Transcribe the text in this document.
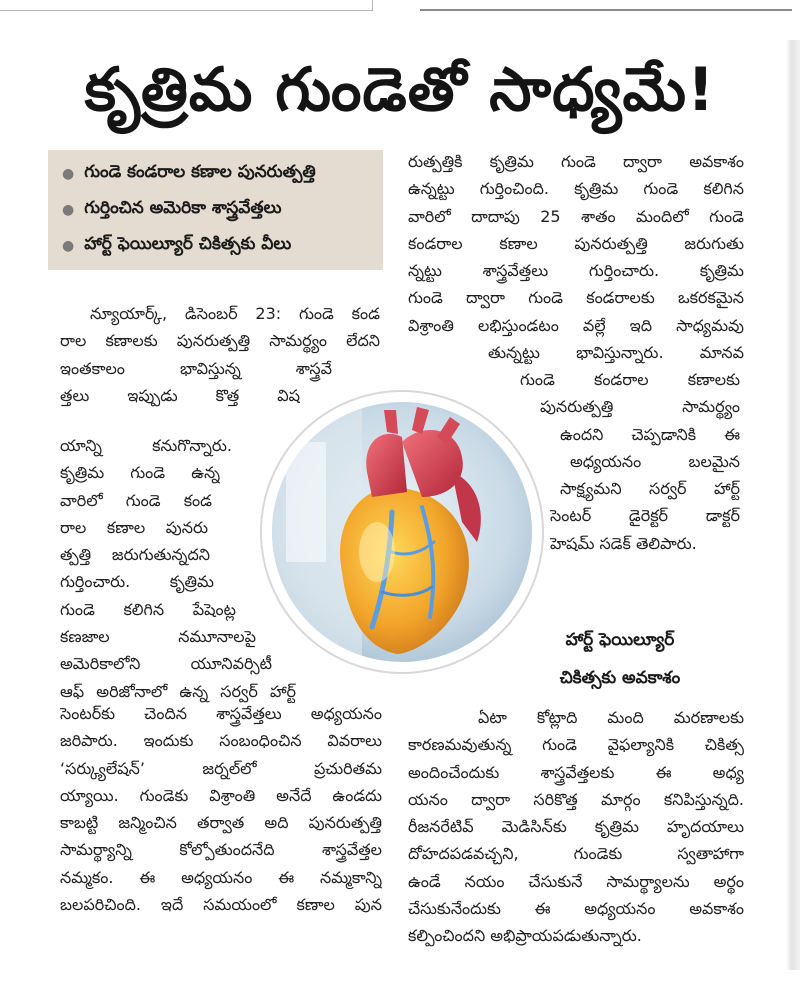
కృత్రిమ గుండెతో సాధ్యమే!
● గుండె కండరాల కణాల పునరుత్పత్తి
● గుర్తించిన అమెరికా శాస్త్రవేత్తలు
● హార్ట్ ఫెయిల్యూర్ చికిత్సకు వీలు
న్యూయార్క్, డిసెంబర్ 23: గుండె కండ
రాల కణాలకు పునరుత్పత్తి సామర్థ్యం లేదని
ఇంతకాలం భావిస్తున్న శాస్త్రవే
త్తలు ఇప్పుడు కొత్త విష
యాన్ని కనుగొన్నారు.
కృత్రిమ గుండె ఉన్న
వారిలో గుండె కండ
రాల కణాల పునరు
త్పత్తి జరుగుతున్నదని
గుర్తించారు. కృత్రిమ
గుండె కలిగిన పేషెంట్ల
కణజాల నమూనాలపై
అమెరికాలోని యూనివర్సిటీ
ఆఫ్ అరిజోనాలో ఉన్న సర్వర్ హార్ట్
సెంటర్‌కు చెందిన శాస్త్రవేత్తలు అధ్యయనం
జరిపారు. ఇందుకు సంబంధించిన వివరాలు
‘సర్క్యులేషన్’ జర్నల్‌లో ప్రచురితమ
య్యాయి. గుండెకు విశ్రాంతి అనేదే ఉండదు
కాబట్టి జన్మించిన తర్వాత అది పునరుత్పత్తి
సామర్థ్యాన్ని కోల్పోతుందనేది శాస్త్రవేత్తల
నమ్మకం. ఈ అధ్యయనం ఈ నమ్మకాన్ని
బలపరిచింది. ఇదే సమయంలో కణాల పున
రుత్పత్తికి కృత్రిమ గుండె ద్వారా అవకాశం
ఉన్నట్టు గుర్తించింది. కృత్రిమ గుండె కలిగిన
వారిలో దాదాపు 25 శాతం మందిలో గుండె
కండరాల కణాల పునరుత్పత్తి జరుగుతు
న్నట్టు శాస్త్రవేత్తలు గుర్తించారు. కృత్రిమ
గుండె ద్వారా గుండె కండరాలకు ఒకరకమైన
విశ్రాంతి లభిస్తుండటం వల్లే ఇది సాధ్యమవు
తున్నట్టు భావిస్తున్నారు. మానవ
గుండె కండరాల కణాలకు
పునరుత్పత్తి సామర్థ్యం
ఉందని చెప్పడానికి ఈ
అధ్యయనం బలమైన
సాక్ష్యమని సర్వర్ హార్ట్
సెంటర్ డైరెక్టర్ డాక్టర్
హెషమ్ సడెక్ తెలిపారు.
హార్ట్ ఫెయిల్యూర్
చికిత్సకు అవకాశం
ఏటా కోట్లాది మంది మరణాలకు
కారణమవుతున్న గుండె వైఫల్యానికి చికిత్స
అందించేందుకు శాస్త్రవేత్తలకు ఈ అధ్య
యనం ద్వారా సరికొత్త మార్గం కనిపిస్తున్నది.
రీజనరేటివ్ మెడిసిన్‌కు కృత్రిమ హృదయాలు
దోహదపడవచ్చని, గుండెకు స్వతాహాగా
ఉండే నయం చేసుకునే సామర్థ్యాలను అర్థం
చేసుకునేందుకు ఈ అధ్యయనం అవకాశం
కల్పించిందని అభిప్రాయపడుతున్నారు.
